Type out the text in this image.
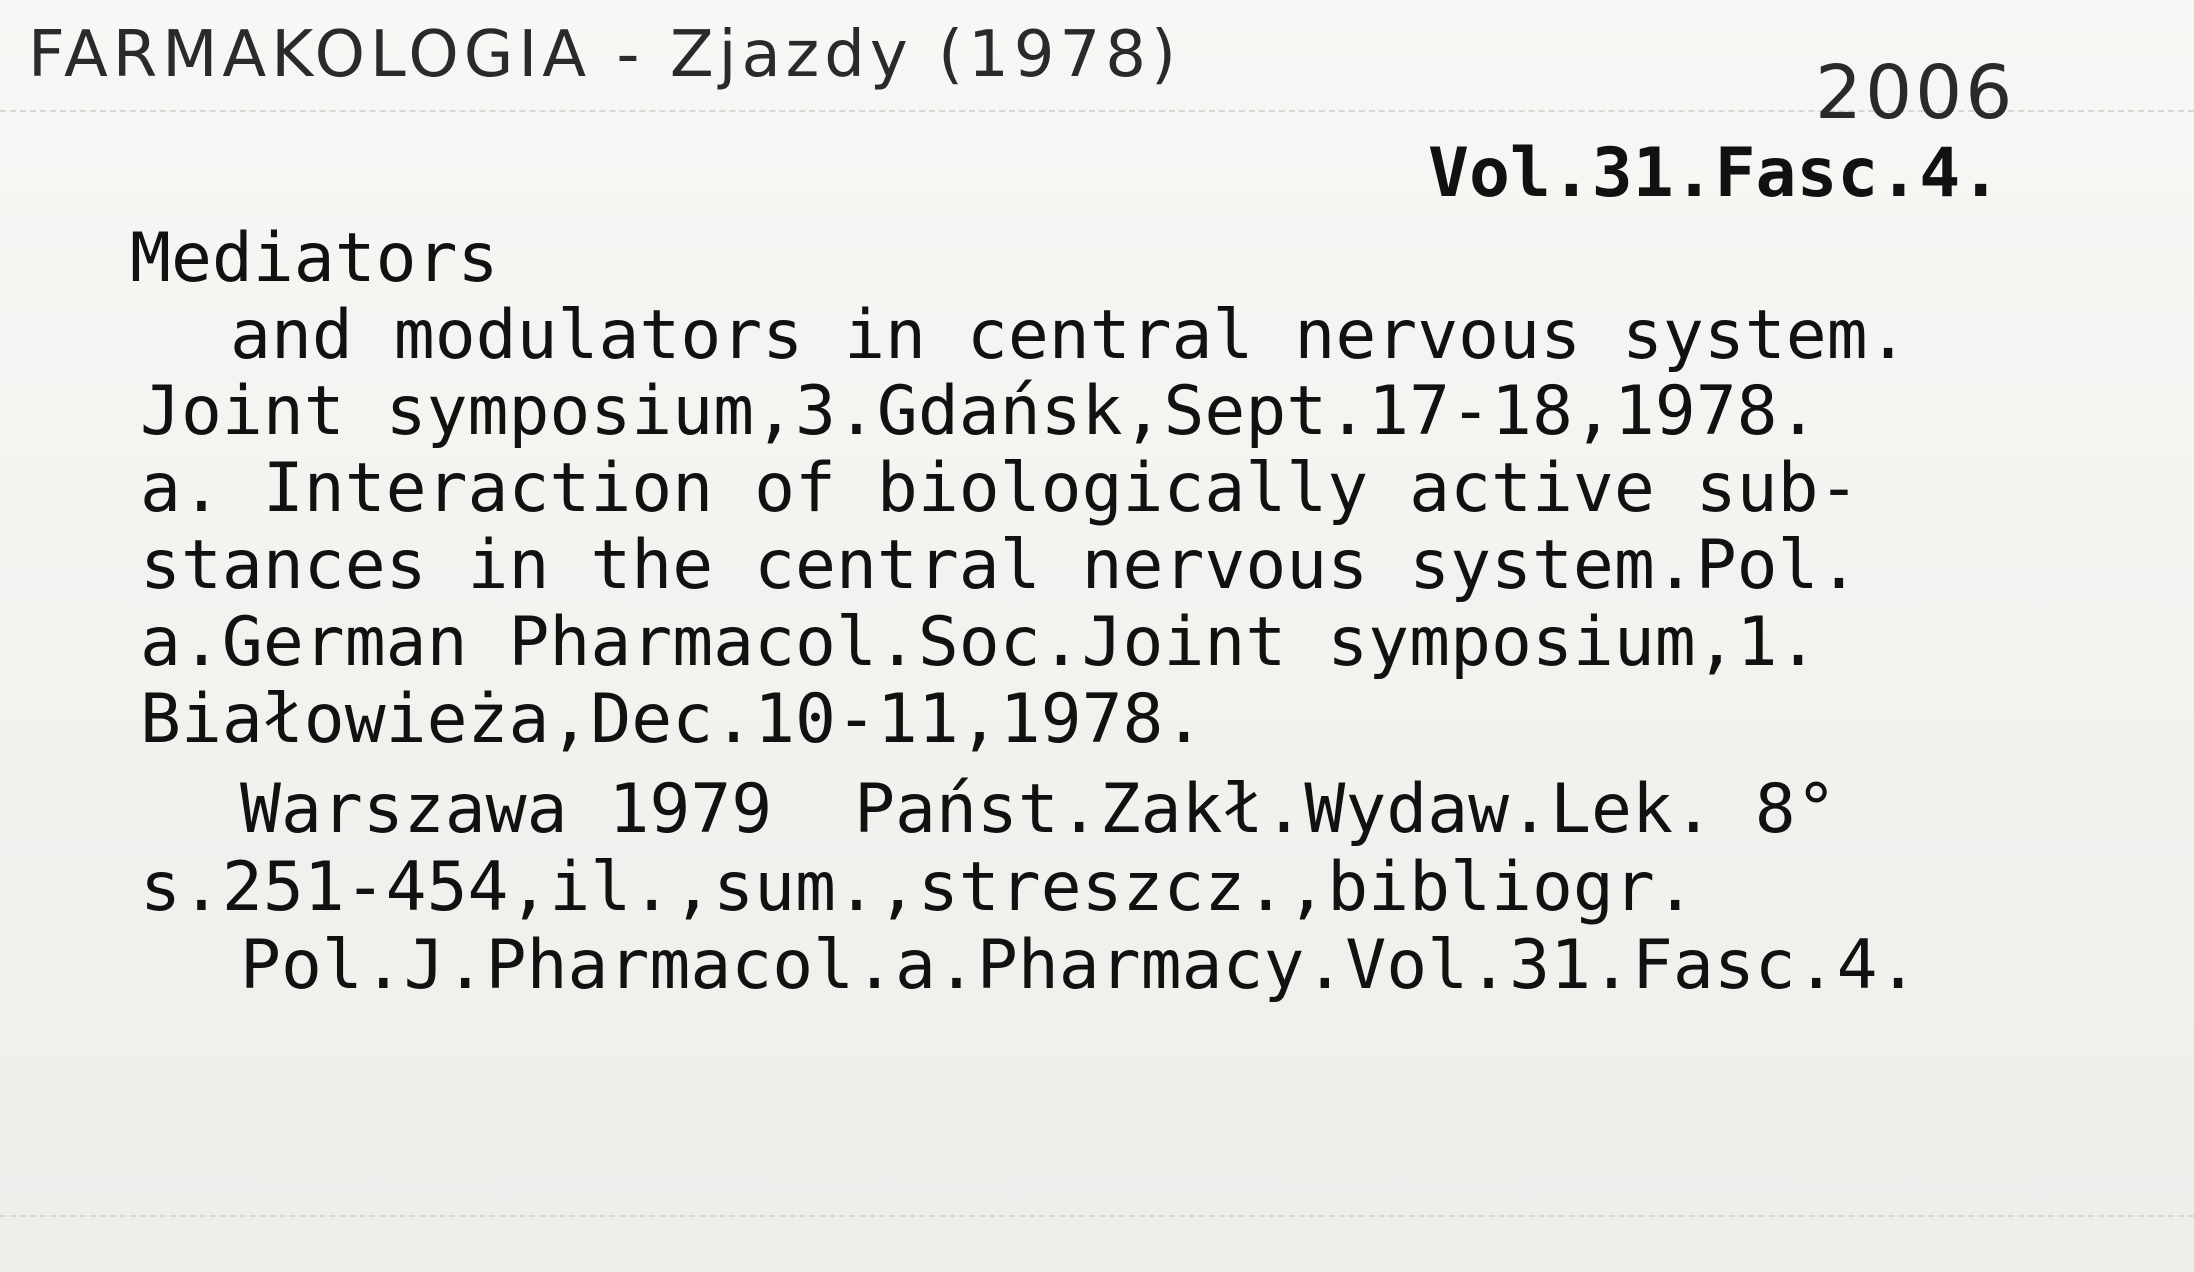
FARMAKOLOGIA - Zjazdy (1978)	2006
Vol.31.Fasc.4.
Mediators
and modulators in central nervous system.
Joint symposium,3.Gdańsk,Sept.17-18,1978.
a. Interaction of biologically active sub-
stances in the central nervous system.Pol.
a.German Pharmacol.Soc.Joint symposium,1.
Białowieża,Dec.10-11,1978.
Warszawa 1979  Państ.Zakł.Wydaw.Lek. 8°
s.251-454,il.,sum.,streszcz.,bibliogr.
Pol.J.Pharmacol.a.Pharmacy.Vol.31.Fasc.4.
